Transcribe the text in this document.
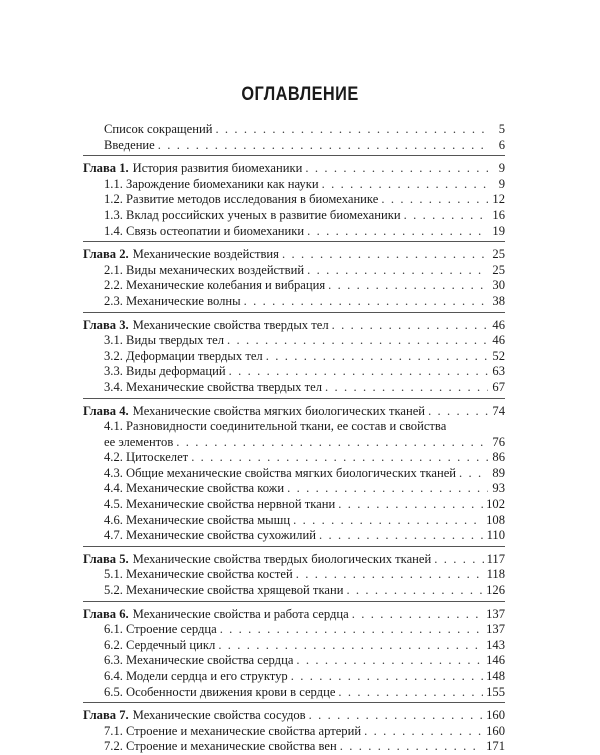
ОГЛАВЛЕНИЕ
Список сокращений . . .	5
Введение . . .	6
Глава 1. История развития биомеханики . . .	9
1.1. Зарождение биомеханики как науки . . .	9
1.2. Развитие методов исследования в биомеханике . . .	12
1.3. Вклад российских ученых в развитие биомеханики . . .	16
1.4. Связь остеопатии и биомеханики . . .	19
Глава 2. Механические воздействия . . .	25
2.1. Виды механических воздействий . . .	25
2.2. Механические колебания и вибрация . . .	30
2.3. Механические волны . . .	38
Глава 3. Механические свойства твердых тел . . .	46
3.1. Виды твердых тел . . .	46
3.2. Деформации твердых тел . . .	52
3.3. Виды деформаций . . .	63
3.4. Механические свойства твердых тел . . .	67
Глава 4. Механические свойства мягких биологических тканей . . .	74
4.1. Разновидности соединительной ткани, ее состав и свойства
ее элементов . . .	76
4.2. Цитоскелет . . .	86
4.3. Общие механические свойства мягких биологических тканей . . .	89
4.4. Механические свойства кожи . . .	93
4.5. Механические свойства нервной ткани . . .	102
4.6. Механические свойства мышц . . .	108
4.7. Механические свойства сухожилий . . .	110
Глава 5. Механические свойства твердых биологических тканей . . .	117
5.1. Механические свойства костей . . .	118
5.2. Механические свойства хрящевой ткани . . .	126
Глава 6. Механические свойства и работа сердца . . .	137
6.1. Строение сердца . . .	137
6.2. Сердечный цикл . . .	143
6.3. Механические свойства сердца . . .	146
6.4. Модели сердца и его структур . . .	148
6.5. Особенности движения крови в сердце . . .	155
Глава 7. Механические свойства сосудов . . .	160
7.1. Строение и механические свойства артерий . . .	160
7.2. Строение и механические свойства вен . . .	171
